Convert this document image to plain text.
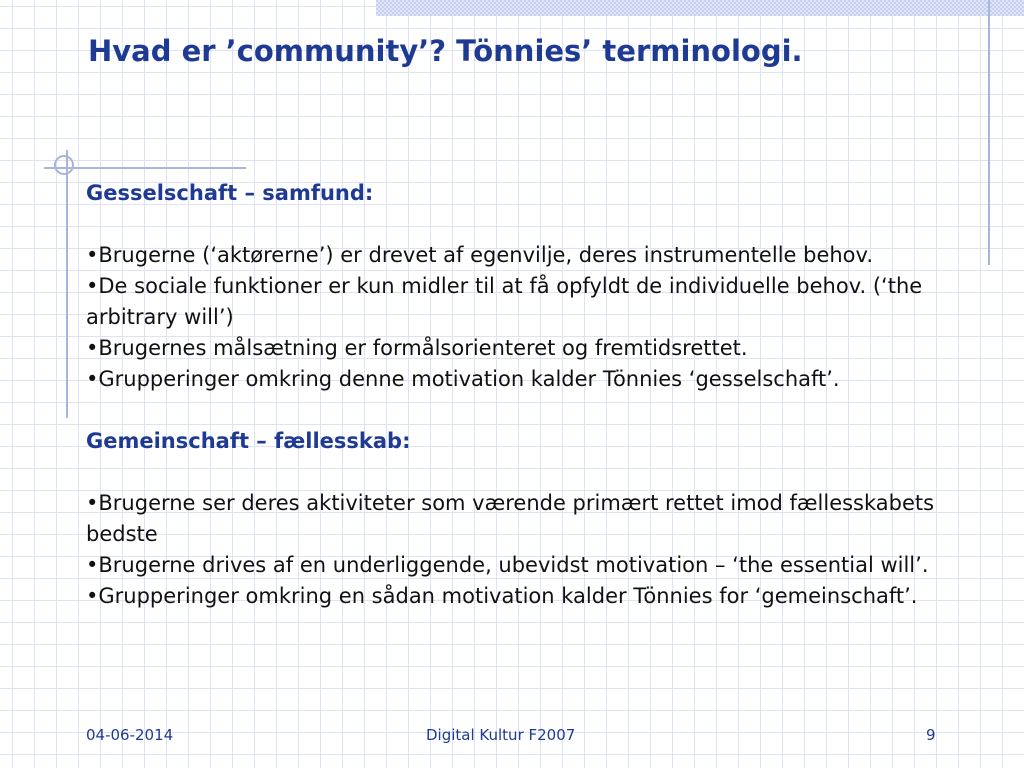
Hvad er ’community’? Tönnies’ terminologi.
Gesselschaft – samfund:
•Brugerne (‘aktørerne’) er drevet af egenvilje, deres instrumentelle behov.
•De sociale funktioner er kun midler til at få opfyldt de individuelle behov. (‘the arbitrary will’)
•Brugernes målsætning er formålsorienteret og fremtidsrettet.
•Grupperinger omkring denne motivation kalder Tönnies ‘gesselschaft’.
Gemeinschaft – fællesskab:
•Brugerne ser deres aktiviteter som værende primært rettet imod fællesskabets bedste
•Brugerne drives af en underliggende, ubevidst motivation – ‘the essential will’.
•Grupperinger omkring en sådan motivation kalder Tönnies for ‘gemeinschaft’.
04-06-2014	Digital Kultur F2007	9
